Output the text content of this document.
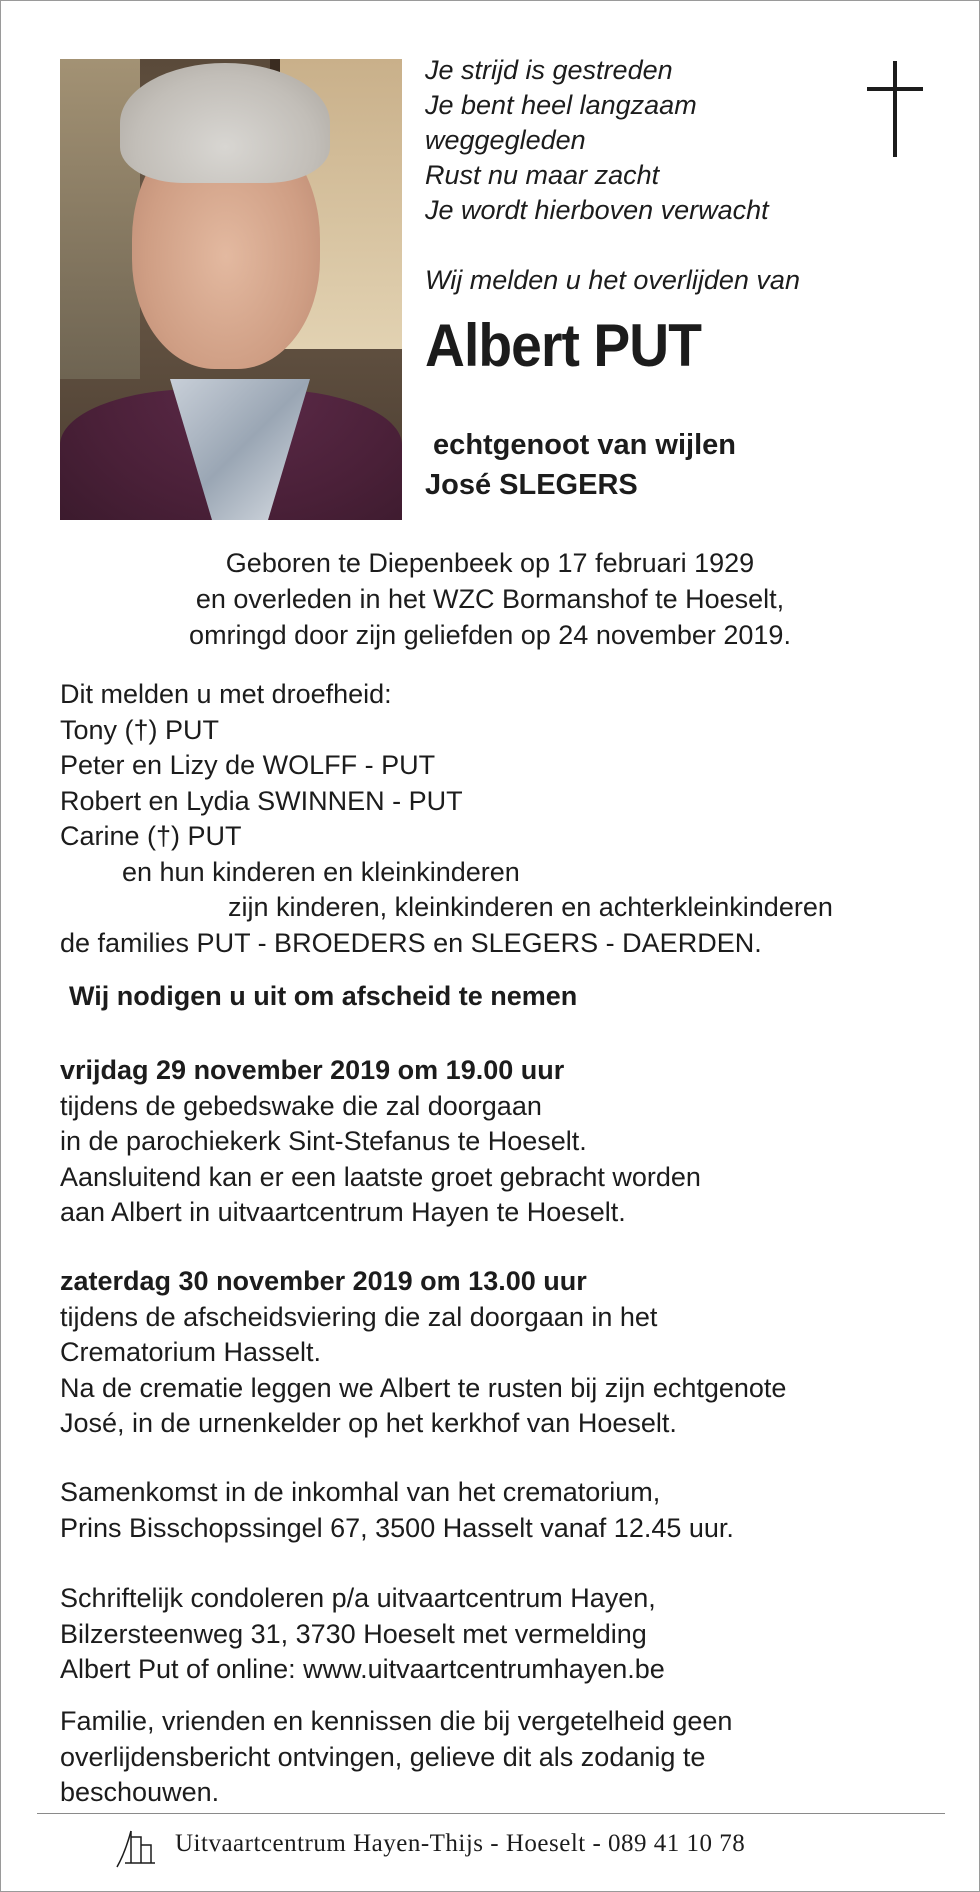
Je strijd is gestreden
Je bent heel langzaam
weggegleden
Rust nu maar zacht
Je wordt hierboven verwacht
Wij melden u het overlijden van
Albert PUT
echtgenoot van wijlen
José SLEGERS
Geboren te Diepenbeek op 17 februari 1929
en overleden in het WZC Bormanshof te Hoeselt,
omringd door zijn geliefden op 24 november 2019.
Dit melden u met droefheid:
Tony (†) PUT
Peter en Lizy de WOLFF - PUT
Robert en Lydia SWINNEN - PUT
Carine (†) PUT
en hun kinderen en kleinkinderen
zijn kinderen, kleinkinderen en achterkleinkinderen
de families PUT - BROEDERS en SLEGERS - DAERDEN.
Wij nodigen u uit om afscheid te nemen
vrijdag 29 november 2019 om 19.00 uur
tijdens de gebedswake die zal doorgaan
in de parochiekerk Sint-Stefanus te Hoeselt.
Aansluitend kan er een laatste groet gebracht worden
aan Albert in uitvaartcentrum Hayen te Hoeselt.
zaterdag 30 november 2019 om 13.00 uur
tijdens de afscheidsviering die zal doorgaan in het
Crematorium Hasselt.
Na de crematie leggen we Albert te rusten bij zijn echtgenote
José, in de urnenkelder op het kerkhof van Hoeselt.
Samenkomst in de inkomhal van het crematorium,
Prins Bisschopssingel 67, 3500 Hasselt vanaf 12.45 uur.
Schriftelijk condoleren p/a uitvaartcentrum Hayen,
Bilzersteenweg 31, 3730 Hoeselt met vermelding
Albert Put of online: www.uitvaartcentrumhayen.be
Familie, vrienden en kennissen die bij vergetelheid geen
overlijdensbericht ontvingen, gelieve dit als zodanig te
beschouwen.
Uitvaartcentrum Hayen-Thijs - Hoeselt - 089 41 10 78
